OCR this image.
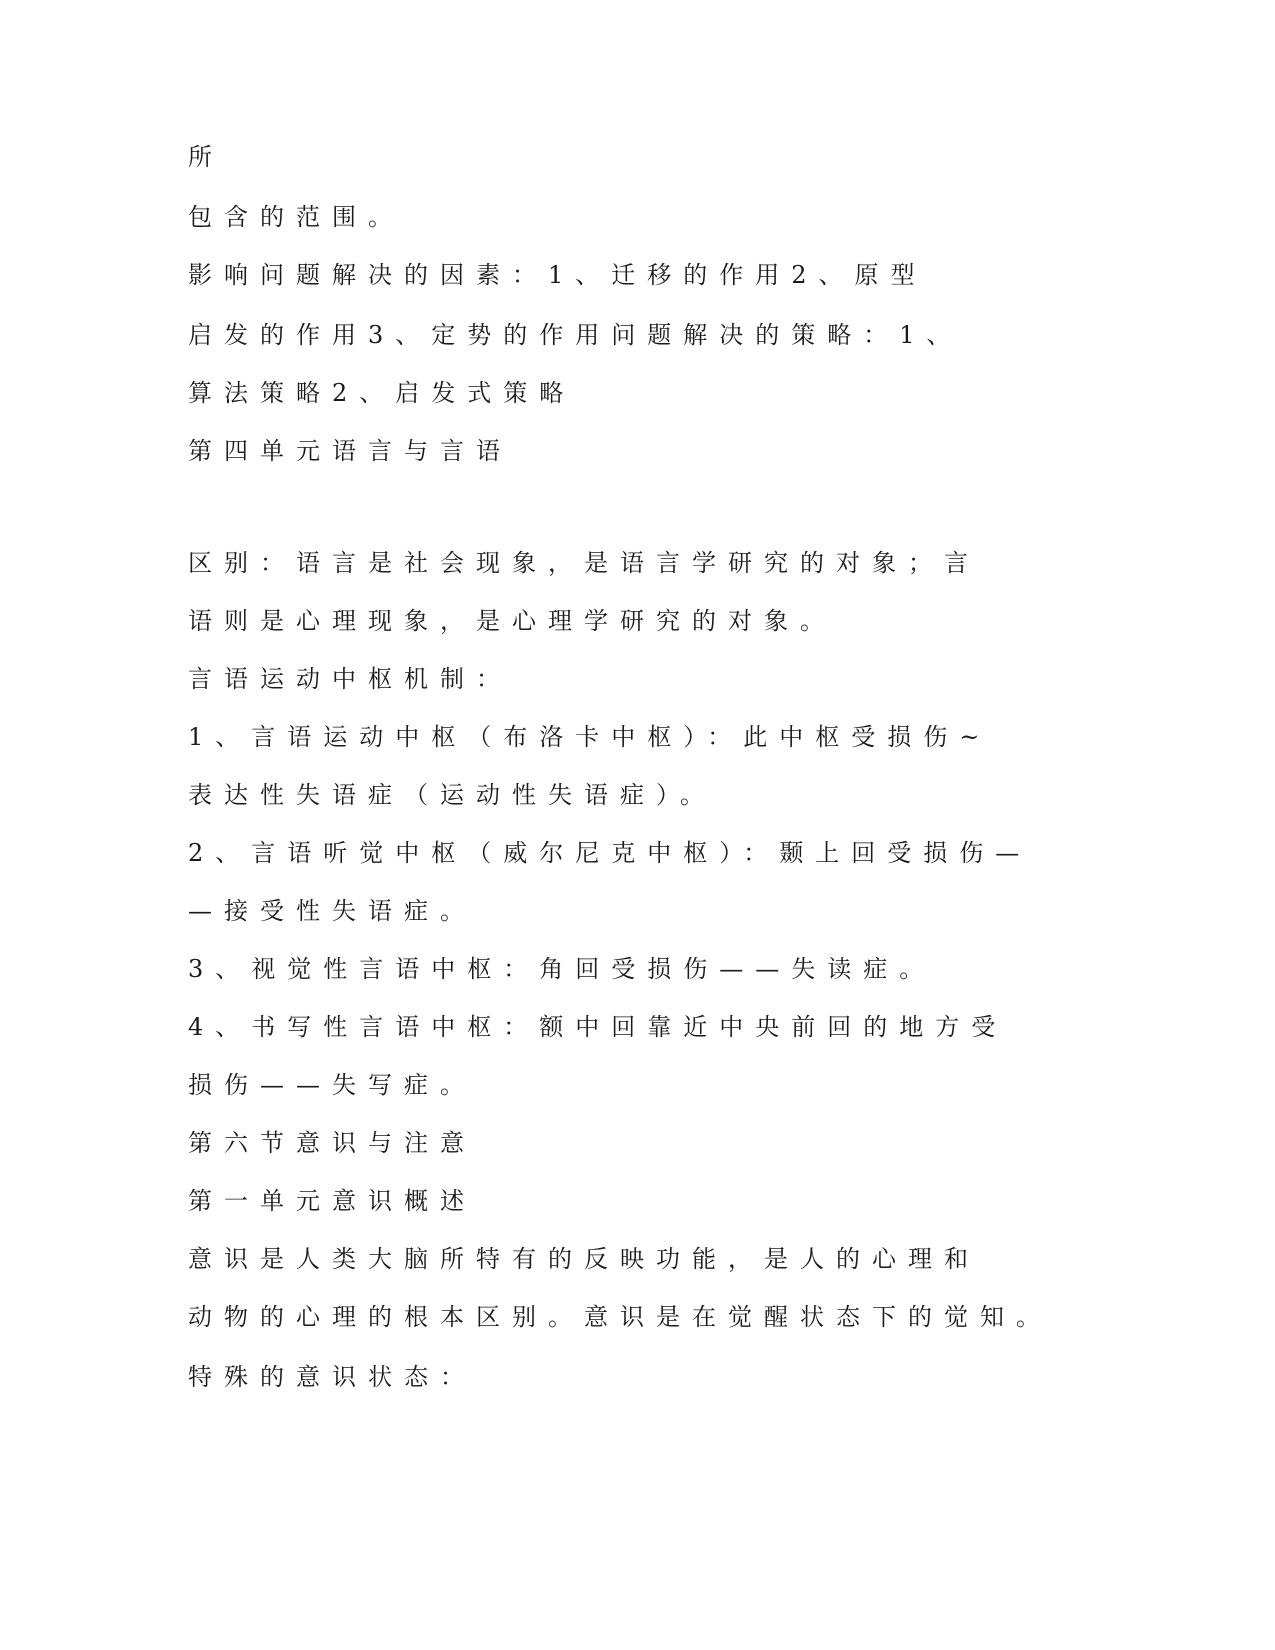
所

包含的范围。

影响问题解决的因素：1、迁移的作用2、原型

启发的作用3、定势的作用问题解决的策略：1、

算法策略2、启发式策略

第四单元语言与言语

区别：语言是社会现象，是语言学研究的对象；言

语则是心理现象，是心理学研究的对象。

言语运动中枢机制：

1、言语运动中枢（布洛卡中枢）：此中枢受损伤~

表达性失语症（运动性失语症）。

2、言语听觉中枢（威尔尼克中枢）：颞上回受损伤—

—接受性失语症。

3、视觉性言语中枢：角回受损伤——失读症。

4、书写性言语中枢：额中回靠近中央前回的地方受

损伤——失写症。

第六节意识与注意

第一单元意识概述

意识是人类大脑所特有的反映功能，是人的心理和

动物的心理的根本区别。意识是在觉醒状态下的觉知。

特殊的意识状态：
